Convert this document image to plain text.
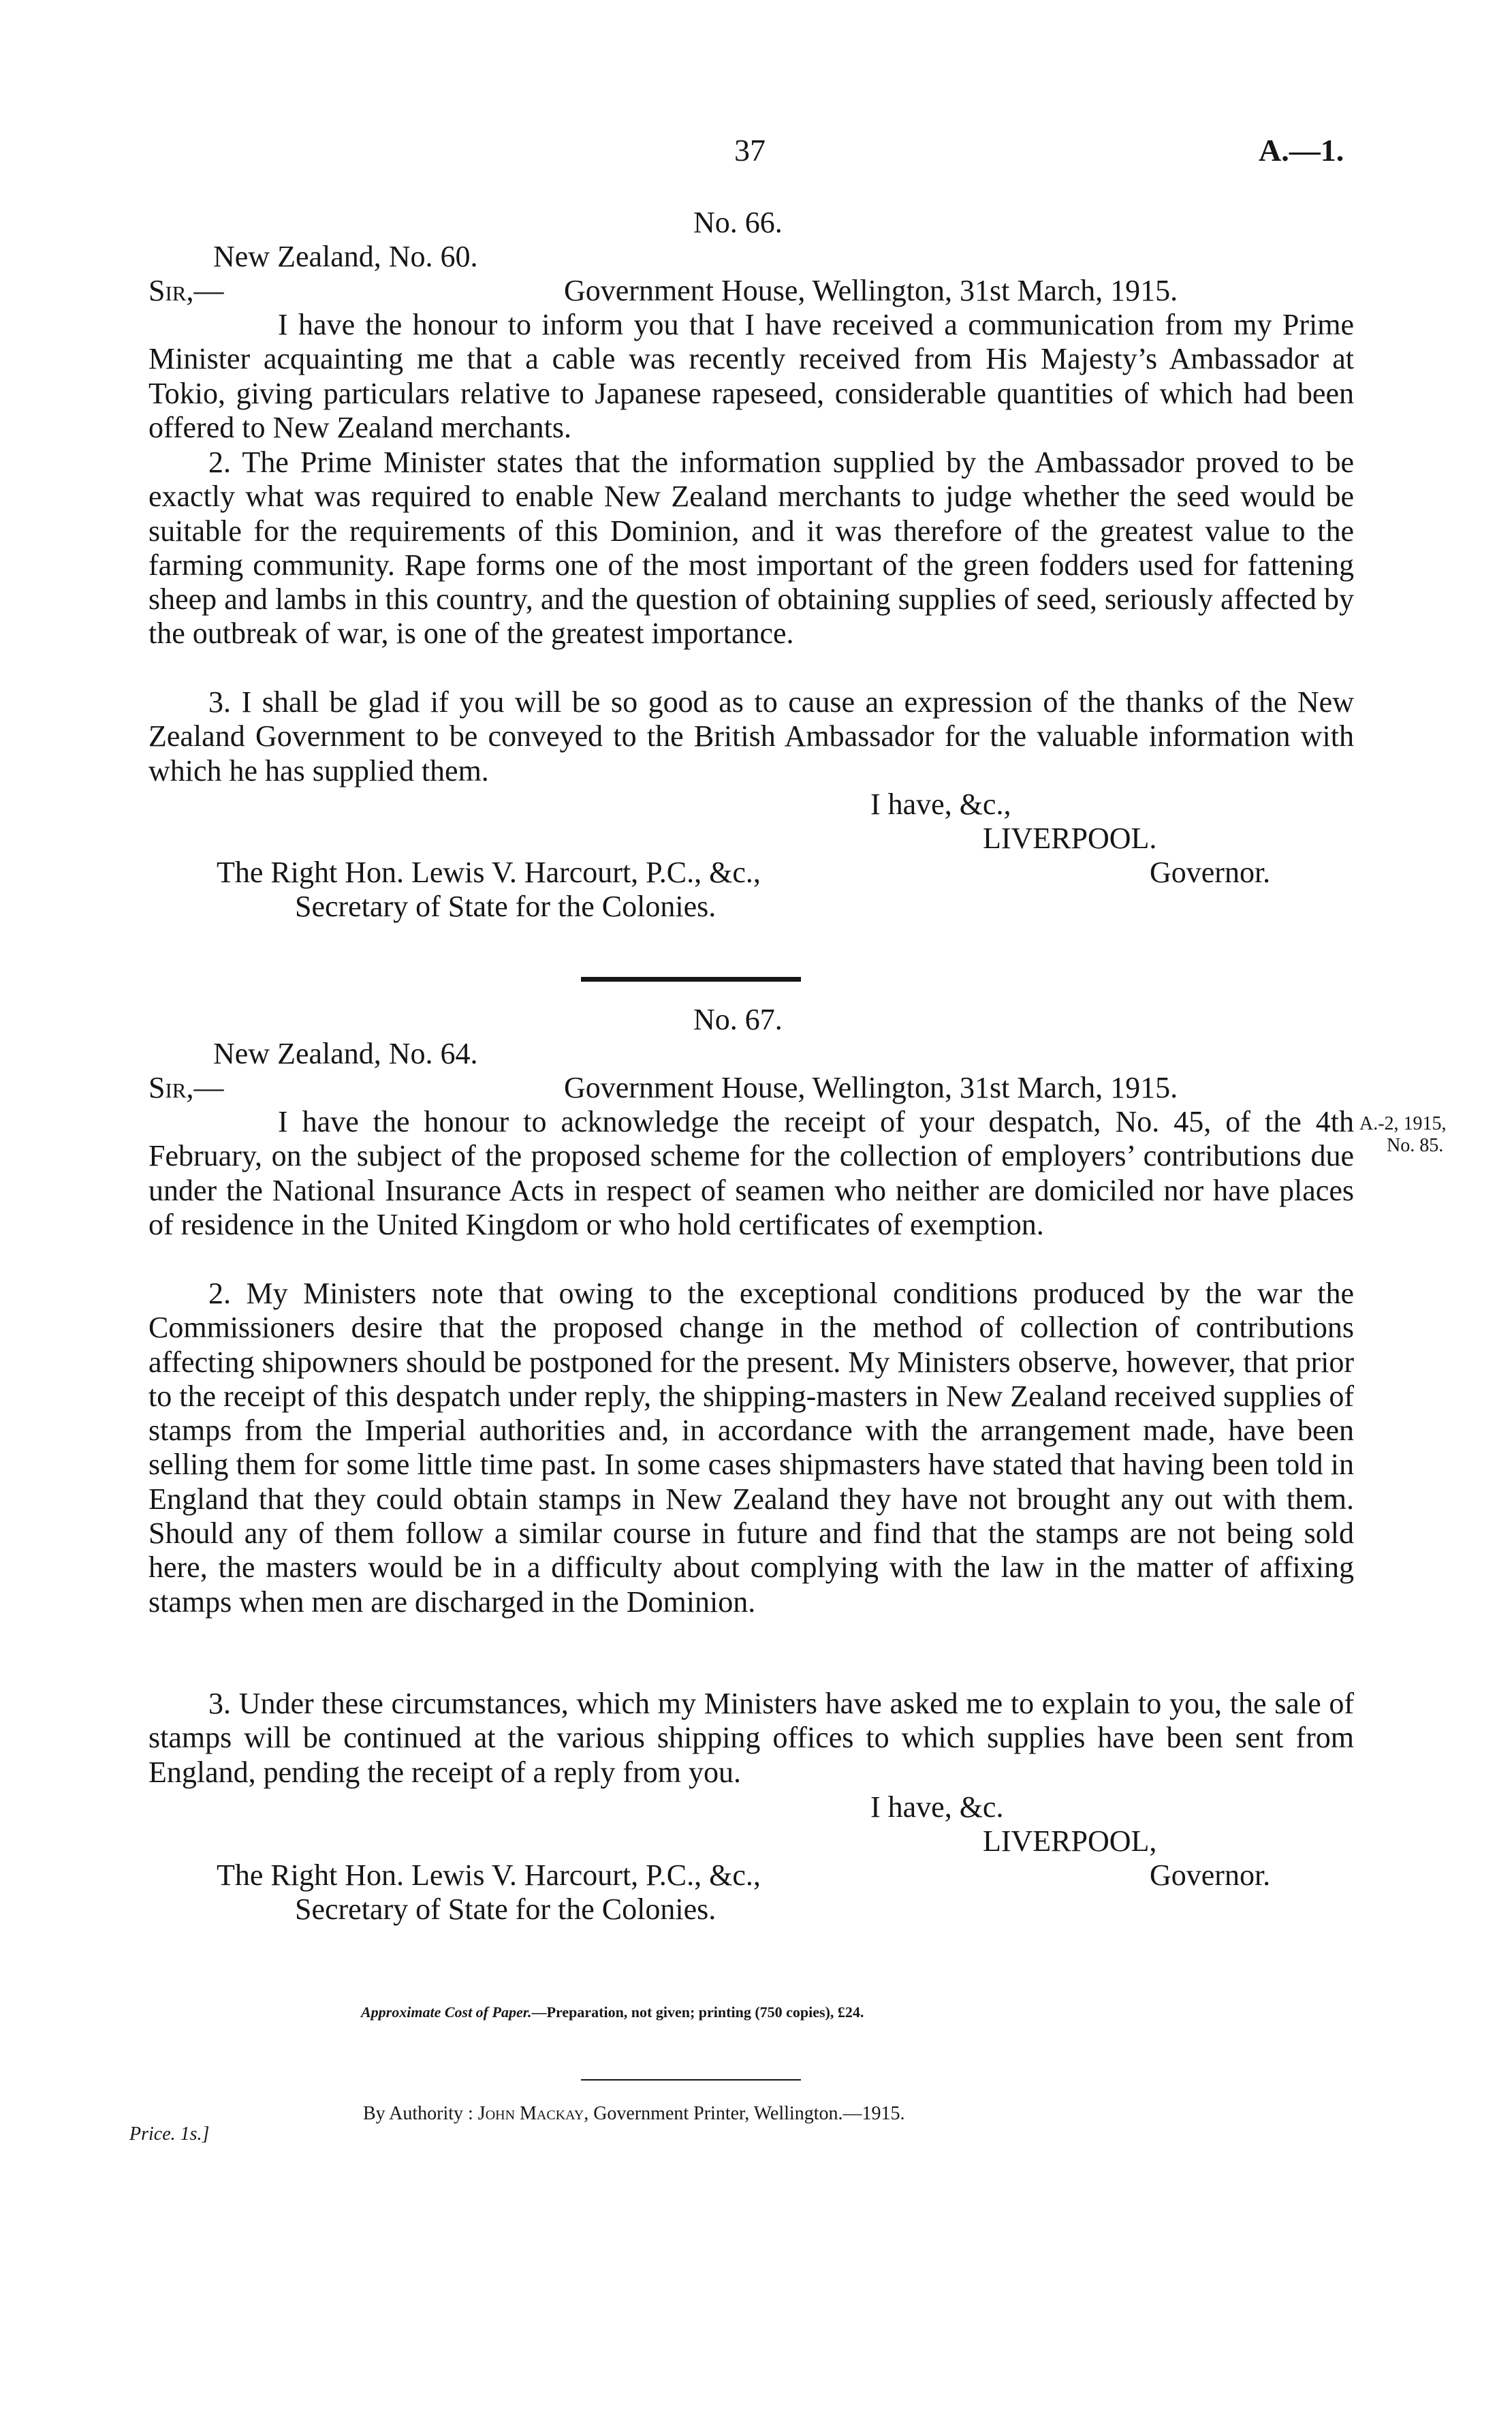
37	A.—1.
No. 66.
New Zealand, No. 60.
Sir,—	Government House, Wellington, 31st March, 1915.
I have the honour to inform you that I have received a communication from my Prime Minister acquainting me that a cable was recently received from His Majesty’s Ambassador at Tokio, giving particulars relative to Japanese rapeseed, considerable quantities of which had been offered to New Zealand merchants.
2. The Prime Minister states that the information supplied by the Ambassador proved to be exactly what was required to enable New Zealand merchants to judge whether the seed would be suitable for the requirements of this Dominion, and it was therefore of the greatest value to the farming community. Rape forms one of the most important of the green fodders used for fattening sheep and lambs in this country, and the question of obtaining supplies of seed, seriously affected by the outbreak of war, is one of the greatest importance.
3. I shall be glad if you will be so good as to cause an expression of the thanks of the New Zealand Government to be conveyed to the British Ambassador for the valuable information with which he has supplied them.
I have, &c.,
LIVERPOOL.
The Right Hon. Lewis V. Harcourt, P.C., &c.,	Governor.
Secretary of State for the Colonies.
No. 67.
New Zealand, No. 64.
Sir,—	Government House, Wellington, 31st March, 1915.
A.-2, 1915,
No. 85.
I have the honour to acknowledge the receipt of your despatch, No. 45, of the 4th February, on the subject of the proposed scheme for the collection of employers’ contributions due under the National Insurance Acts in respect of seamen who neither are domiciled nor have places of residence in the United Kingdom or who hold certificates of exemption.
2. My Ministers note that owing to the exceptional conditions produced by the war the Commissioners desire that the proposed change in the method of collection of contributions affecting shipowners should be postponed for the present. My Ministers observe, however, that prior to the receipt of this despatch under reply, the shipping-masters in New Zealand received supplies of stamps from the Imperial authorities and, in accordance with the arrangement made, have been selling them for some little time past. In some cases shipmasters have stated that having been told in England that they could obtain stamps in New Zealand they have not brought any out with them. Should any of them follow a similar course in future and find that the stamps are not being sold here, the masters would be in a difficulty about complying with the law in the matter of affixing stamps when men are discharged in the Dominion.
3. Under these circumstances, which my Ministers have asked me to explain to you, the sale of stamps will be continued at the various shipping offices to which supplies have been sent from England, pending the receipt of a reply from you.
I have, &c.
LIVERPOOL,
The Right Hon. Lewis V. Harcourt, P.C., &c.,	Governor.
Secretary of State for the Colonies.
Approximate Cost of Paper.—Preparation, not given; printing (750 copies), £24.
By Authority : John Mackay, Government Printer, Wellington.—1915.
Price. 1s.]
